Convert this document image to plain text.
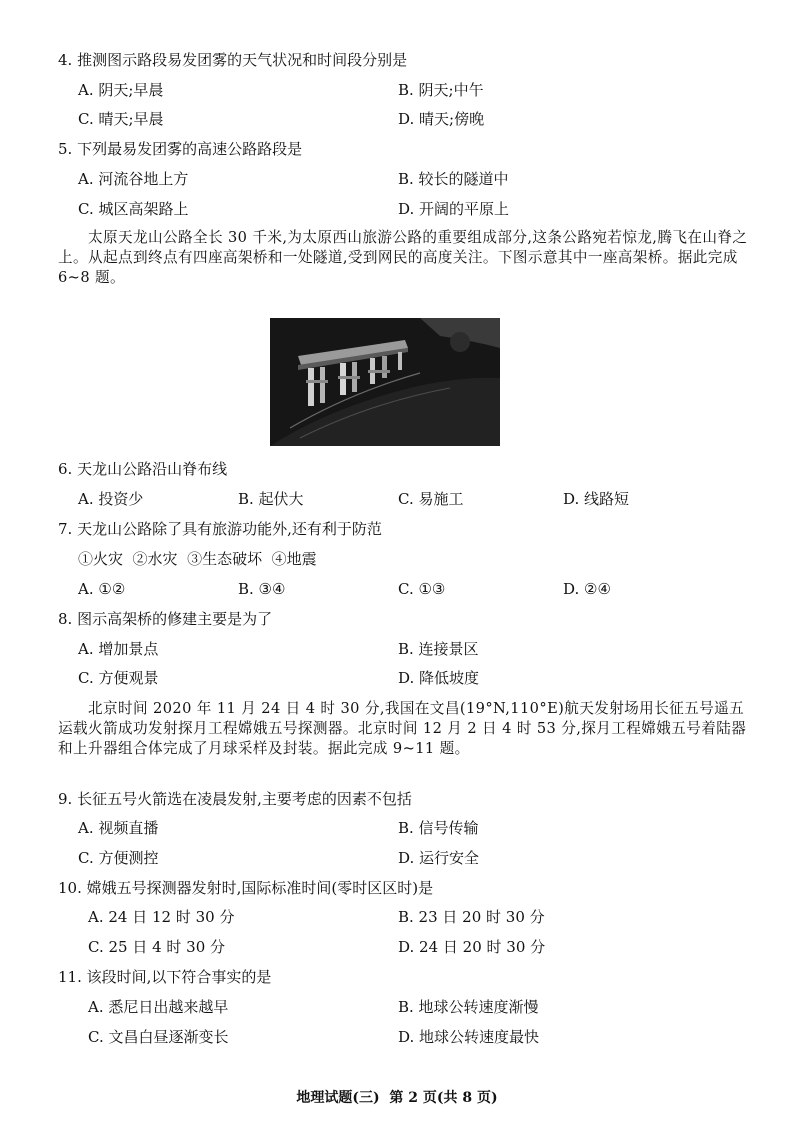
4. 推测图示路段易发团雾的天气状况和时间段分别是
A. 阴天;早晨	B. 阴天;中午
C. 晴天;早晨	D. 晴天;傍晚
5. 下列最易发团雾的高速公路路段是
A. 河流谷地上方	B. 较长的隧道中
C. 城区高架路上	D. 开阔的平原上
太原天龙山公路全长 30 千米,为太原西山旅游公路的重要组成部分,这条公路宛若惊龙,腾飞在山脊之上。从起点到终点有四座高架桥和一处隧道,受到网民的高度关注。下图示意其中一座高架桥。据此完成 6~8 题。
6. 天龙山公路沿山脊布线
A. 投资少	B. 起伏大	C. 易施工	D. 线路短
7. 天龙山公路除了具有旅游功能外,还有利于防范
①火灾  ②水灾  ③生态破坏  ④地震
A. ①②	B. ③④	C. ①③	D. ②④
8. 图示高架桥的修建主要是为了
A. 增加景点	B. 连接景区
C. 方便观景	D. 降低坡度
北京时间 2020 年 11 月 24 日 4 时 30 分,我国在文昌(19°N,110°E)航天发射场用长征五号遥五运载火箭成功发射探月工程嫦娥五号探测器。北京时间 12 月 2 日 4 时 53 分,探月工程嫦娥五号着陆器和上升器组合体完成了月球采样及封装。据此完成 9~11 题。
9. 长征五号火箭选在凌晨发射,主要考虑的因素不包括
A. 视频直播	B. 信号传输
C. 方便测控	D. 运行安全
10. 嫦娥五号探测器发射时,国际标准时间(零时区区时)是
A. 24 日 12 时 30 分	B. 23 日 20 时 30 分
C. 25 日 4 时 30 分	D. 24 日 20 时 30 分
11. 该段时间,以下符合事实的是
A. 悉尼日出越来越早	B. 地球公转速度渐慢
C. 文昌白昼逐渐变长	D. 地球公转速度最快
地理试题(三)  第 2 页(共 8 页)
